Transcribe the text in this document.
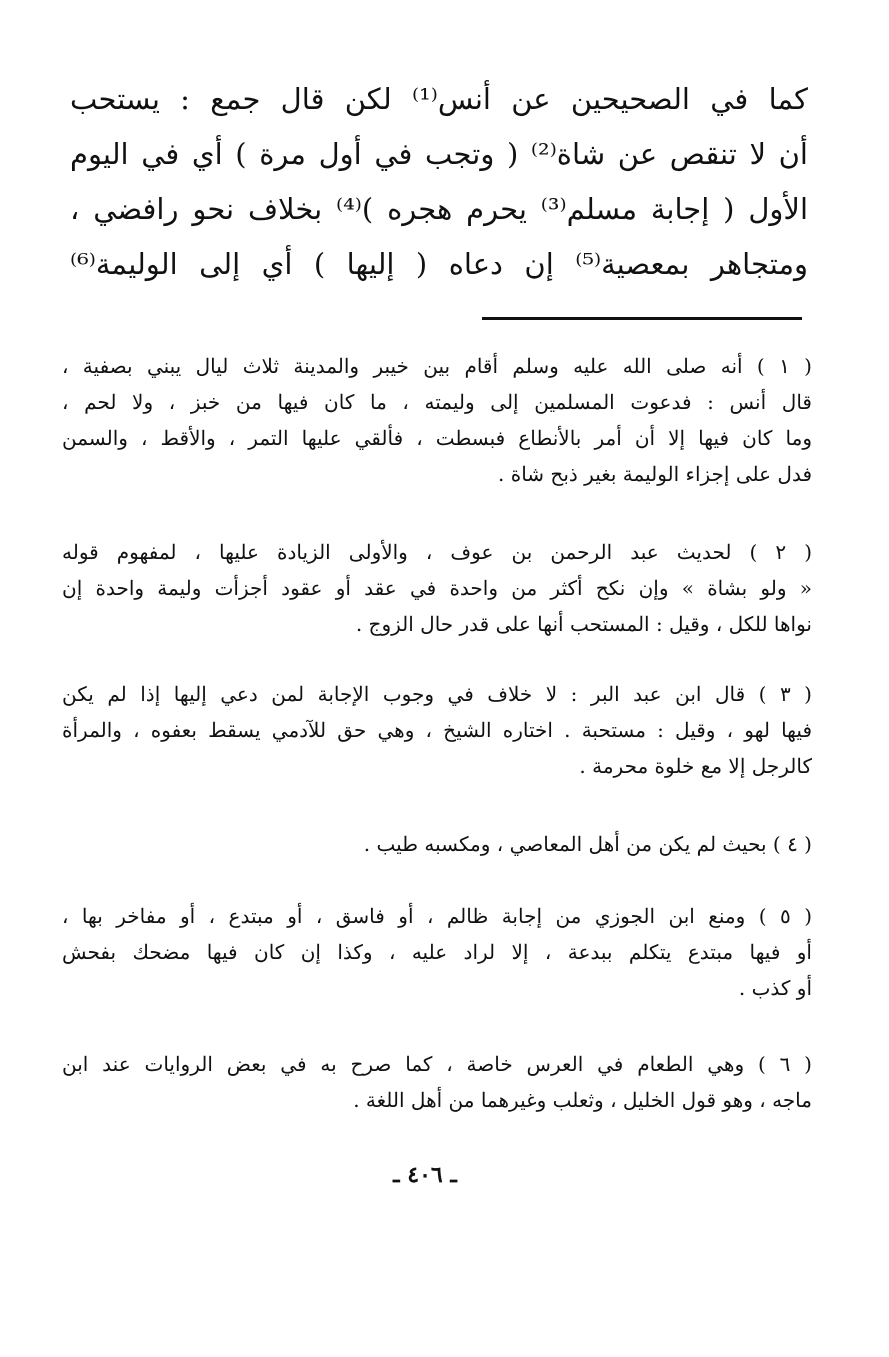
كما في الصحيحين عن أنس⁽¹⁾ لكن قال جمع : يستحب
أن لا تنقص عن شاة⁽²⁾ ( وتجب في أول مرة ) أي في اليوم
الأول ( إجابة مسلم⁽³⁾ يحرم هجره )⁽⁴⁾ بخلاف نحو رافضي ،
ومتجاهر بمعصية⁽⁵⁾ إن دعاه ( إليها ) أي إلى الوليمة⁽⁶⁾
( ١ ) أنه صلى الله عليه وسلم أقام بين خيبر والمدينة ثلاث ليال يبني بصفية ،
قال أنس : فدعوت المسلمين إلى وليمته ، ما كان فيها من خبز ، ولا لحم ،
وما كان فيها إلا أن أمر بالأنطاع فبسطت ، فألقي عليها التمر ، والأقط ، والسمن
فدل على إجزاء الوليمة بغير ذبح شاة .
( ٢ ) لحديث عبد الرحمن بن عوف ، والأولى الزيادة عليها ، لمفهوم قوله
« ولو بشاة » وإن نكح أكثر من واحدة في عقد أو عقود أجزأت وليمة واحدة إن
نواها للكل ، وقيل : المستحب أنها على قدر حال الزوج .
( ٣ ) قال ابن عبد البر : لا خلاف في وجوب الإجابة لمن دعي إليها إذا لم يكن
فيها لهو ، وقيل : مستحبة . اختاره الشيخ ، وهي حق للآدمي يسقط بعفوه ، والمرأة
كالرجل إلا مع خلوة محرمة .
( ٤ ) بحيث لم يكن من أهل المعاصي ، ومكسبه طيب .
( ٥ ) ومنع ابن الجوزي من إجابة ظالم ، أو فاسق ، أو مبتدع ، أو مفاخر بها ،
أو فيها مبتدع يتكلم ببدعة ، إلا لراد عليه ، وكذا إن كان فيها مضحك بفحش
أو كذب .
( ٦ ) وهي الطعام في العرس خاصة ، كما صرح به في بعض الروايات عند ابن
ماجه ، وهو قول الخليل ، وثعلب وغيرهما من أهل اللغة .
ـ ٤٠٦ ـ
